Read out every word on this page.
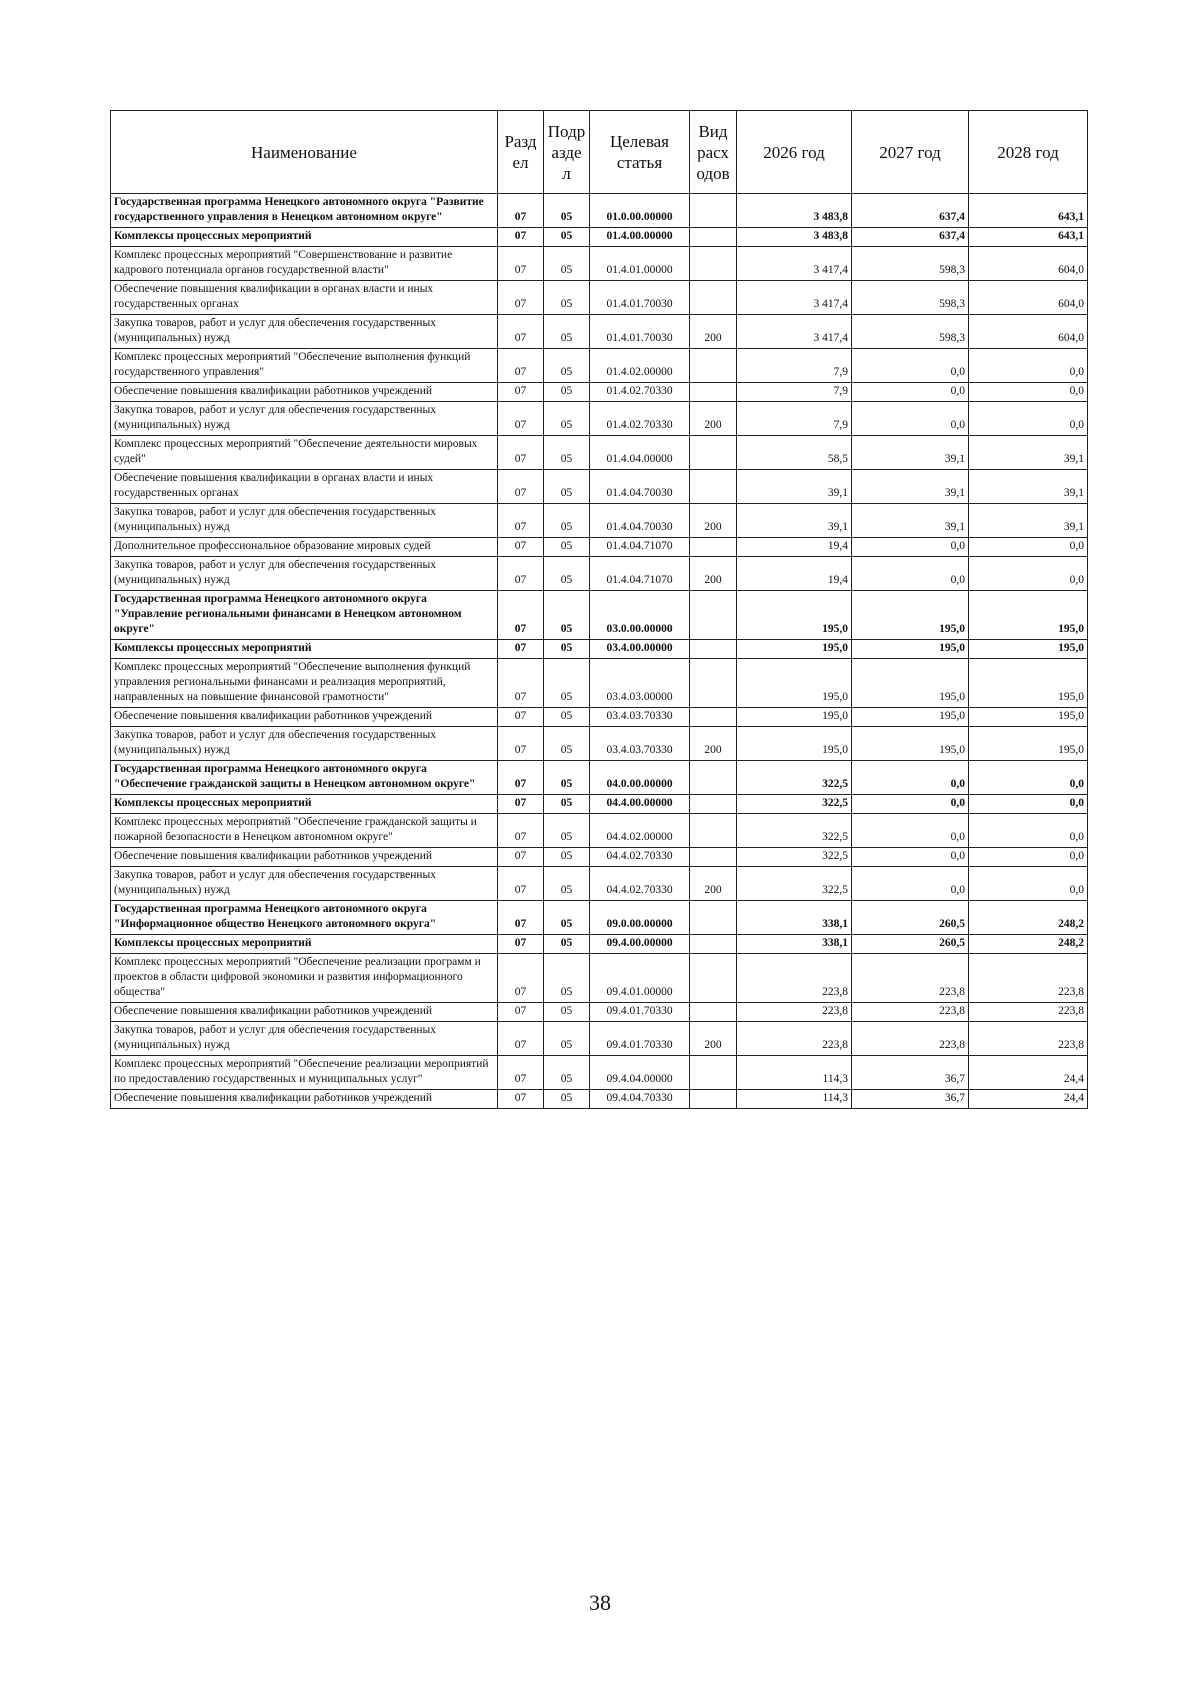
Наименование	Разд ел	Подр азде л	Целевая статья	Вид расх одов	2026 год	2027 год	2028 год
Государственная программа Ненецкого автономного округа "Развитие государственного управления в Ненецком автономном округе"	07	05	01.0.00.00000		3 483,8	637,4	643,1
Комплексы процессных мероприятий	07	05	01.4.00.00000		3 483,8	637,4	643,1
Комплекс процессных мероприятий "Совершенствование и развитие кадрового потенциала органов государственной власти"	07	05	01.4.01.00000		3 417,4	598,3	604,0
Обеспечение повышения квалификации в органах власти и иных государственных органах	07	05	01.4.01.70030		3 417,4	598,3	604,0
Закупка товаров, работ и услуг для обеспечения государственных (муниципальных) нужд	07	05	01.4.01.70030	200	3 417,4	598,3	604,0
Комплекс процессных мероприятий "Обеспечение выполнения функций государственного управления"	07	05	01.4.02.00000		7,9	0,0	0,0
Обеспечение повышения квалификации работников учреждений	07	05	01.4.02.70330		7,9	0,0	0,0
Закупка товаров, работ и услуг для обеспечения государственных (муниципальных) нужд	07	05	01.4.02.70330	200	7,9	0,0	0,0
Комплекс процессных мероприятий "Обеспечение деятельности мировых судей"	07	05	01.4.04.00000		58,5	39,1	39,1
Обеспечение повышения квалификации в органах власти и иных государственных органах	07	05	01.4.04.70030		39,1	39,1	39,1
Закупка товаров, работ и услуг для обеспечения государственных (муниципальных) нужд	07	05	01.4.04.70030	200	39,1	39,1	39,1
Дополнительное профессиональное образование мировых судей	07	05	01.4.04.71070		19,4	0,0	0,0
Закупка товаров, работ и услуг для обеспечения государственных (муниципальных) нужд	07	05	01.4.04.71070	200	19,4	0,0	0,0
Государственная программа Ненецкого автономного округа "Управление региональными финансами в Ненецком автономном округе"	07	05	03.0.00.00000		195,0	195,0	195,0
Комплексы процессных мероприятий	07	05	03.4.00.00000		195,0	195,0	195,0
Комплекс процессных мероприятий "Обеспечение выполнения функций управления региональными финансами и реализация мероприятий, направленных на повышение финансовой грамотности"	07	05	03.4.03.00000		195,0	195,0	195,0
Обеспечение повышения квалификации работников учреждений	07	05	03.4.03.70330		195,0	195,0	195,0
Закупка товаров, работ и услуг для обеспечения государственных (муниципальных) нужд	07	05	03.4.03.70330	200	195,0	195,0	195,0
Государственная программа Ненецкого автономного округа "Обеспечение гражданской защиты в Ненецком автономном округе"	07	05	04.0.00.00000		322,5	0,0	0,0
Комплексы процессных мероприятий	07	05	04.4.00.00000		322,5	0,0	0,0
Комплекс процессных мероприятий "Обеспечение гражданской защиты и пожарной безопасности в Ненецком автономном округе"	07	05	04.4.02.00000		322,5	0,0	0,0
Обеспечение повышения квалификации работников учреждений	07	05	04.4.02.70330		322,5	0,0	0,0
Закупка товаров, работ и услуг для обеспечения государственных (муниципальных) нужд	07	05	04.4.02.70330	200	322,5	0,0	0,0
Государственная программа Ненецкого автономного округа "Информационное общество Ненецкого автономного округа"	07	05	09.0.00.00000		338,1	260,5	248,2
Комплексы процессных мероприятий	07	05	09.4.00.00000		338,1	260,5	248,2
Комплекс процессных мероприятий "Обеспечение реализации программ и проектов в области цифровой экономики и развития информационного общества"	07	05	09.4.01.00000		223,8	223,8	223,8
Обеспечение повышения квалификации работников учреждений	07	05	09.4.01.70330		223,8	223,8	223,8
Закупка товаров, работ и услуг для обеспечения государственных (муниципальных) нужд	07	05	09.4.01.70330	200	223,8	223,8	223,8
Комплекс процессных мероприятий "Обеспечение реализации мероприятий по предоставлению государственных и муниципальных услуг"	07	05	09.4.04.00000		114,3	36,7	24,4
Обеспечение повышения квалификации работников учреждений	07	05	09.4.04.70330		114,3	36,7	24,4
38
